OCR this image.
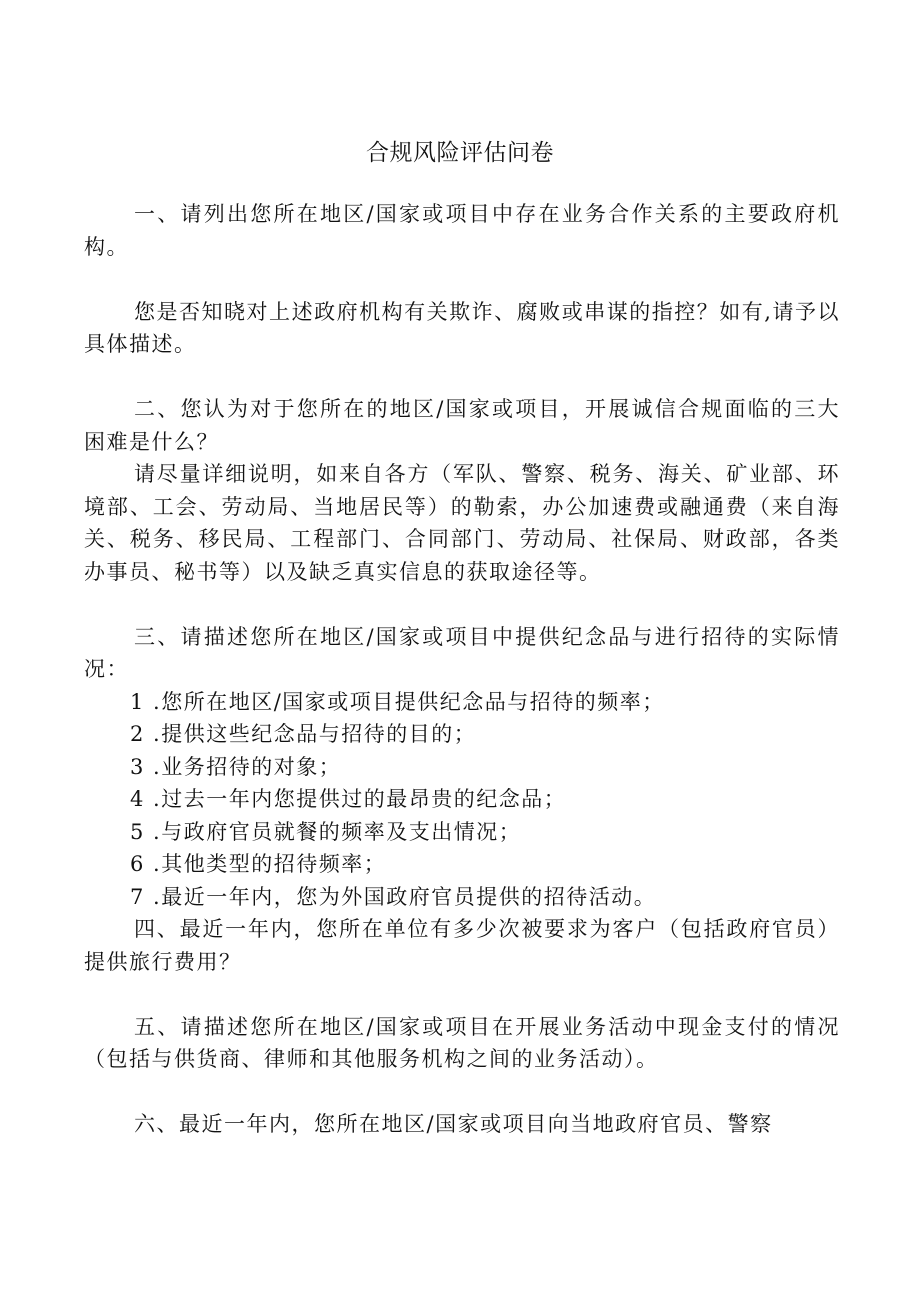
合规风险评估问卷

一、请列出您所在地区/国家或项目中存在业务合作关系的主要政府机构。

您是否知晓对上述政府机构有关欺诈、腐败或串谋的指控？如有,请予以具体描述。

二、您认为对于您所在的地区/国家或项目，开展诚信合规面临的三大困难是什么？

请尽量详细说明，如来自各方（军队、警察、税务、海关、矿业部、环境部、工会、劳动局、当地居民等）的勒索，办公加速费或融通费（来自海关、税务、移民局、工程部门、合同部门、劳动局、社保局、财政部，各类办事员、秘书等）以及缺乏真实信息的获取途径等。

三、请描述您所在地区/国家或项目中提供纪念品与进行招待的实际情况：

1 .您所在地区/国家或项目提供纪念品与招待的频率；

2 .提供这些纪念品与招待的目的；

3 .业务招待的对象；

4 .过去一年内您提供过的最昂贵的纪念品；

5 .与政府官员就餐的频率及支出情况；

6 .其他类型的招待频率；

7 .最近一年内，您为外国政府官员提供的招待活动。

四、最近一年内，您所在单位有多少次被要求为客户（包括政府官员）提供旅行费用？

五、请描述您所在地区/国家或项目在开展业务活动中现金支付的情况（包括与供货商、律师和其他服务机构之间的业务活动）。

六、最近一年内，您所在地区/国家或项目向当地政府官员、警察
